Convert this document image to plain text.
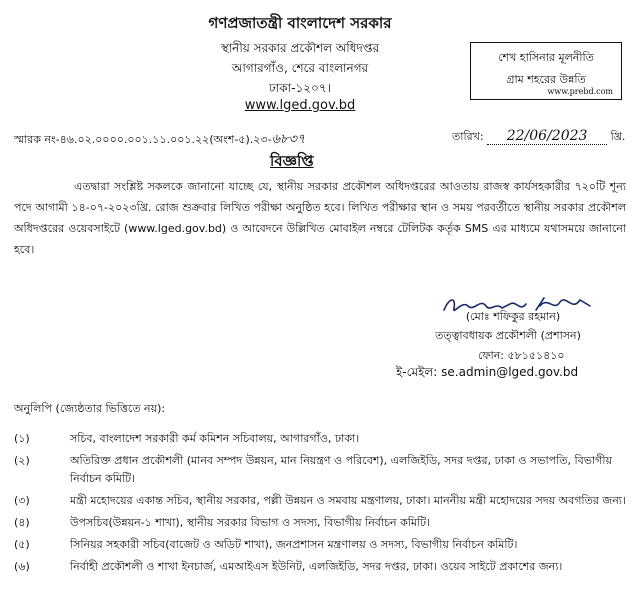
গণপ্রজাতন্ত্রী বাংলাদেশ সরকার
স্থানীয় সরকার প্রকৌশল অধিদপ্তর
আগারগাঁও, শেরে বাংলানগর
ঢাকা-১২০৭।
www.lged.gov.bd
শেখ হাসিনার মূলনীতি
গ্রাম শহরের উন্নতি
www.prebd.com
স্মারক নং-৪৬.০২.০০০০.০০১.১১.০০১.২২(অংশ-৫).২৩-৬৮৩৭	তারিখ: 22/06/2023 খ্রি.
বিজ্ঞপ্তি
এতদ্বারা সংশ্লিষ্ট সকলকে জানানো যাচ্ছে যে, স্থানীয় সরকার প্রকৌশল অধিদপ্তরের আওতায় রাজস্ব কার্যসহকারীর ৭২০টি শূন্য পদে আগামী ১৪-০৭-২০২৩খ্রি. রোজ শুক্রবার লিখিত পরীক্ষা অনুষ্ঠিত হবে। লিখিত পরীক্ষার স্থান ও সময় পরবর্তীতে স্থানীয় সরকার প্রকৌশল অধিদপ্তরের ওয়েবসাইটে (www.lged.gov.bd) ও আবেদনে উল্লিখিত মোবাইল নম্বরে টেলিটক কর্তৃক SMS এর মাধ্যমে যথাসময়ে জানানো হবে।
(মোঃ শফিকুর রহমান)
তত্ত্বাবধায়ক প্রকৌশলী (প্রশাসন)
ফোন: ৫৮১৫১৪১০
ই-মেইল: se.admin@lged.gov.bd
অনুলিপি (জ্যেষ্ঠতার ভিত্তিতে নয়):
(১)	সচিব, বাংলাদেশ সরকারী কর্ম কমিশন সচিবালয়, আগারগাঁও, ঢাকা।
(২)	অতিরিক্ত প্রধান প্রকৌশলী (মানব সম্পদ উন্নয়ন, মান নিয়ন্ত্রণ ও পরিবেশ), এলজিইডি, সদর দপ্তর, ঢাকা ও সভাপতি, বিভাগীয় নির্বাচন কমিটি।
(৩)	মন্ত্রী মহোদয়ের একান্ত সচিব, স্থানীয় সরকার, পল্লী উন্নয়ন ও সমবায় মন্ত্রণালয়, ঢাকা। মাননীয় মন্ত্রী মহোদয়ের সদয় অবগতির জন্য।
(৪)	উপসচিব(উন্নয়ন-১ শাখা), স্থানীয় সরকার বিভাগ ও সদস্য, বিভাগীয় নির্বাচন কমিটি।
(৫)	সিনিয়র সহকারী সচিব(বাজেট ও অডিট শাখা), জনপ্রশাসন মন্ত্রণালয় ও সদস্য, বিভাগীয় নির্বাচন কমিটি।
(৬)	নির্বাহী প্রকৌশলী ও শাখা ইনচার্জ, এমআইএস ইউনিট, এলজিইডি, সদর দপ্তর, ঢাকা। ওয়েব সাইটে প্রকাশের জন্য।
